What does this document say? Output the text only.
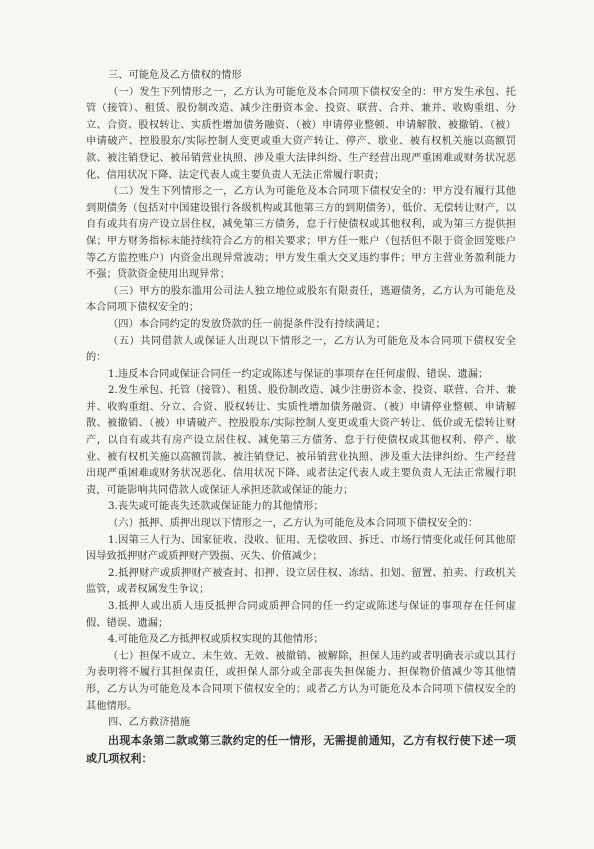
三、可能危及乙方债权的情形

（一）发生下列情形之一，乙方认为可能危及本合同项下债权安全的：甲方发生承包、托管（接管）、租赁、股份制改造、减少注册资本金、投资、联营、合并、兼并、收购重组、分立、合资、股权转让、实质性增加债务融资、（被）申请停业整顿、申请解散、被撤销、（被）申请破产、控股股东/实际控制人变更或重大资产转让、停产、歇业、被有权机关施以高额罚款、被注销登记、被吊销营业执照、涉及重大法律纠纷、生产经营出现严重困难或财务状况恶化、信用状况下降、法定代表人或主要负责人无法正常履行职责；

（二）发生下列情形之一，乙方认为可能危及本合同项下债权安全的：甲方没有履行其他到期债务（包括对中国建设银行各级机构或其他第三方的到期债务），低价、无偿转让财产，以自有或共有房产设立居住权，减免第三方债务，怠于行使债权或其他权利，或为第三方提供担保；甲方财务指标未能持续符合乙方的相关要求；甲方任一账户（包括但不限于资金回笼账户等乙方监控账户）内资金出现异常波动；甲方发生重大交叉违约事件；甲方主营业务盈利能力不强；贷款资金使用出现异常；

（三）甲方的股东滥用公司法人独立地位或股东有限责任，逃避债务，乙方认为可能危及本合同项下债权安全的；

（四）本合同约定的发放贷款的任一前提条件没有持续满足；

（五）共同借款人或保证人出现以下情形之一，乙方认为可能危及本合同项下债权安全的：

1.违反本合同或保证合同任一约定或陈述与保证的事项存在任何虚假、错误、遗漏；

2.发生承包、托管（接管）、租赁、股份制改造、减少注册资本金、投资、联营、合并、兼并、收购重组、分立、合资、股权转让、实质性增加债务融资、（被）申请停业整顿、申请解散、被撤销、（被）申请破产、控股股东/实际控制人变更或重大资产转让、低价或无偿转让财产，以自有或共有房产设立居住权、减免第三方债务、怠于行使债权或其他权利、停产、歇业、被有权机关施以高额罚款、被注销登记、被吊销营业执照、涉及重大法律纠纷、生产经营出现严重困难或财务状况恶化、信用状况下降、或者法定代表人或主要负责人无法正常履行职责，可能影响共同借款人或保证人承担还款或保证的能力；

3.丧失或可能丧失还款或保证能力的其他情形；

（六）抵押、质押出现以下情形之一，乙方认为可能危及本合同项下债权安全的：

1.因第三人行为、国家征收、没收、征用、无偿收回、拆迁、市场行情变化或任何其他原因导致抵押财产或质押财产毁损、灭失、价值减少；

2.抵押财产或质押财产被查封、扣押、设立居住权、冻结、扣划、留置、拍卖、行政机关监管，或者权属发生争议；

3.抵押人或出质人违反抵押合同或质押合同的任一约定或陈述与保证的事项存在任何虚假、错误、遗漏；

4.可能危及乙方抵押权或质权实现的其他情形；

（七）担保不成立、未生效、无效、被撤销、被解除，担保人违约或者明确表示或以其行为表明将不履行其担保责任，或担保人部分或全部丧失担保能力、担保物价值减少等其他情形，乙方认为可能危及本合同项下债权安全的；或者乙方认为可能危及本合同项下债权安全的其他情形。

四、乙方救济措施

出现本条第二款或第三款约定的任一情形，无需提前通知，乙方有权行使下述一项或几项权利：
